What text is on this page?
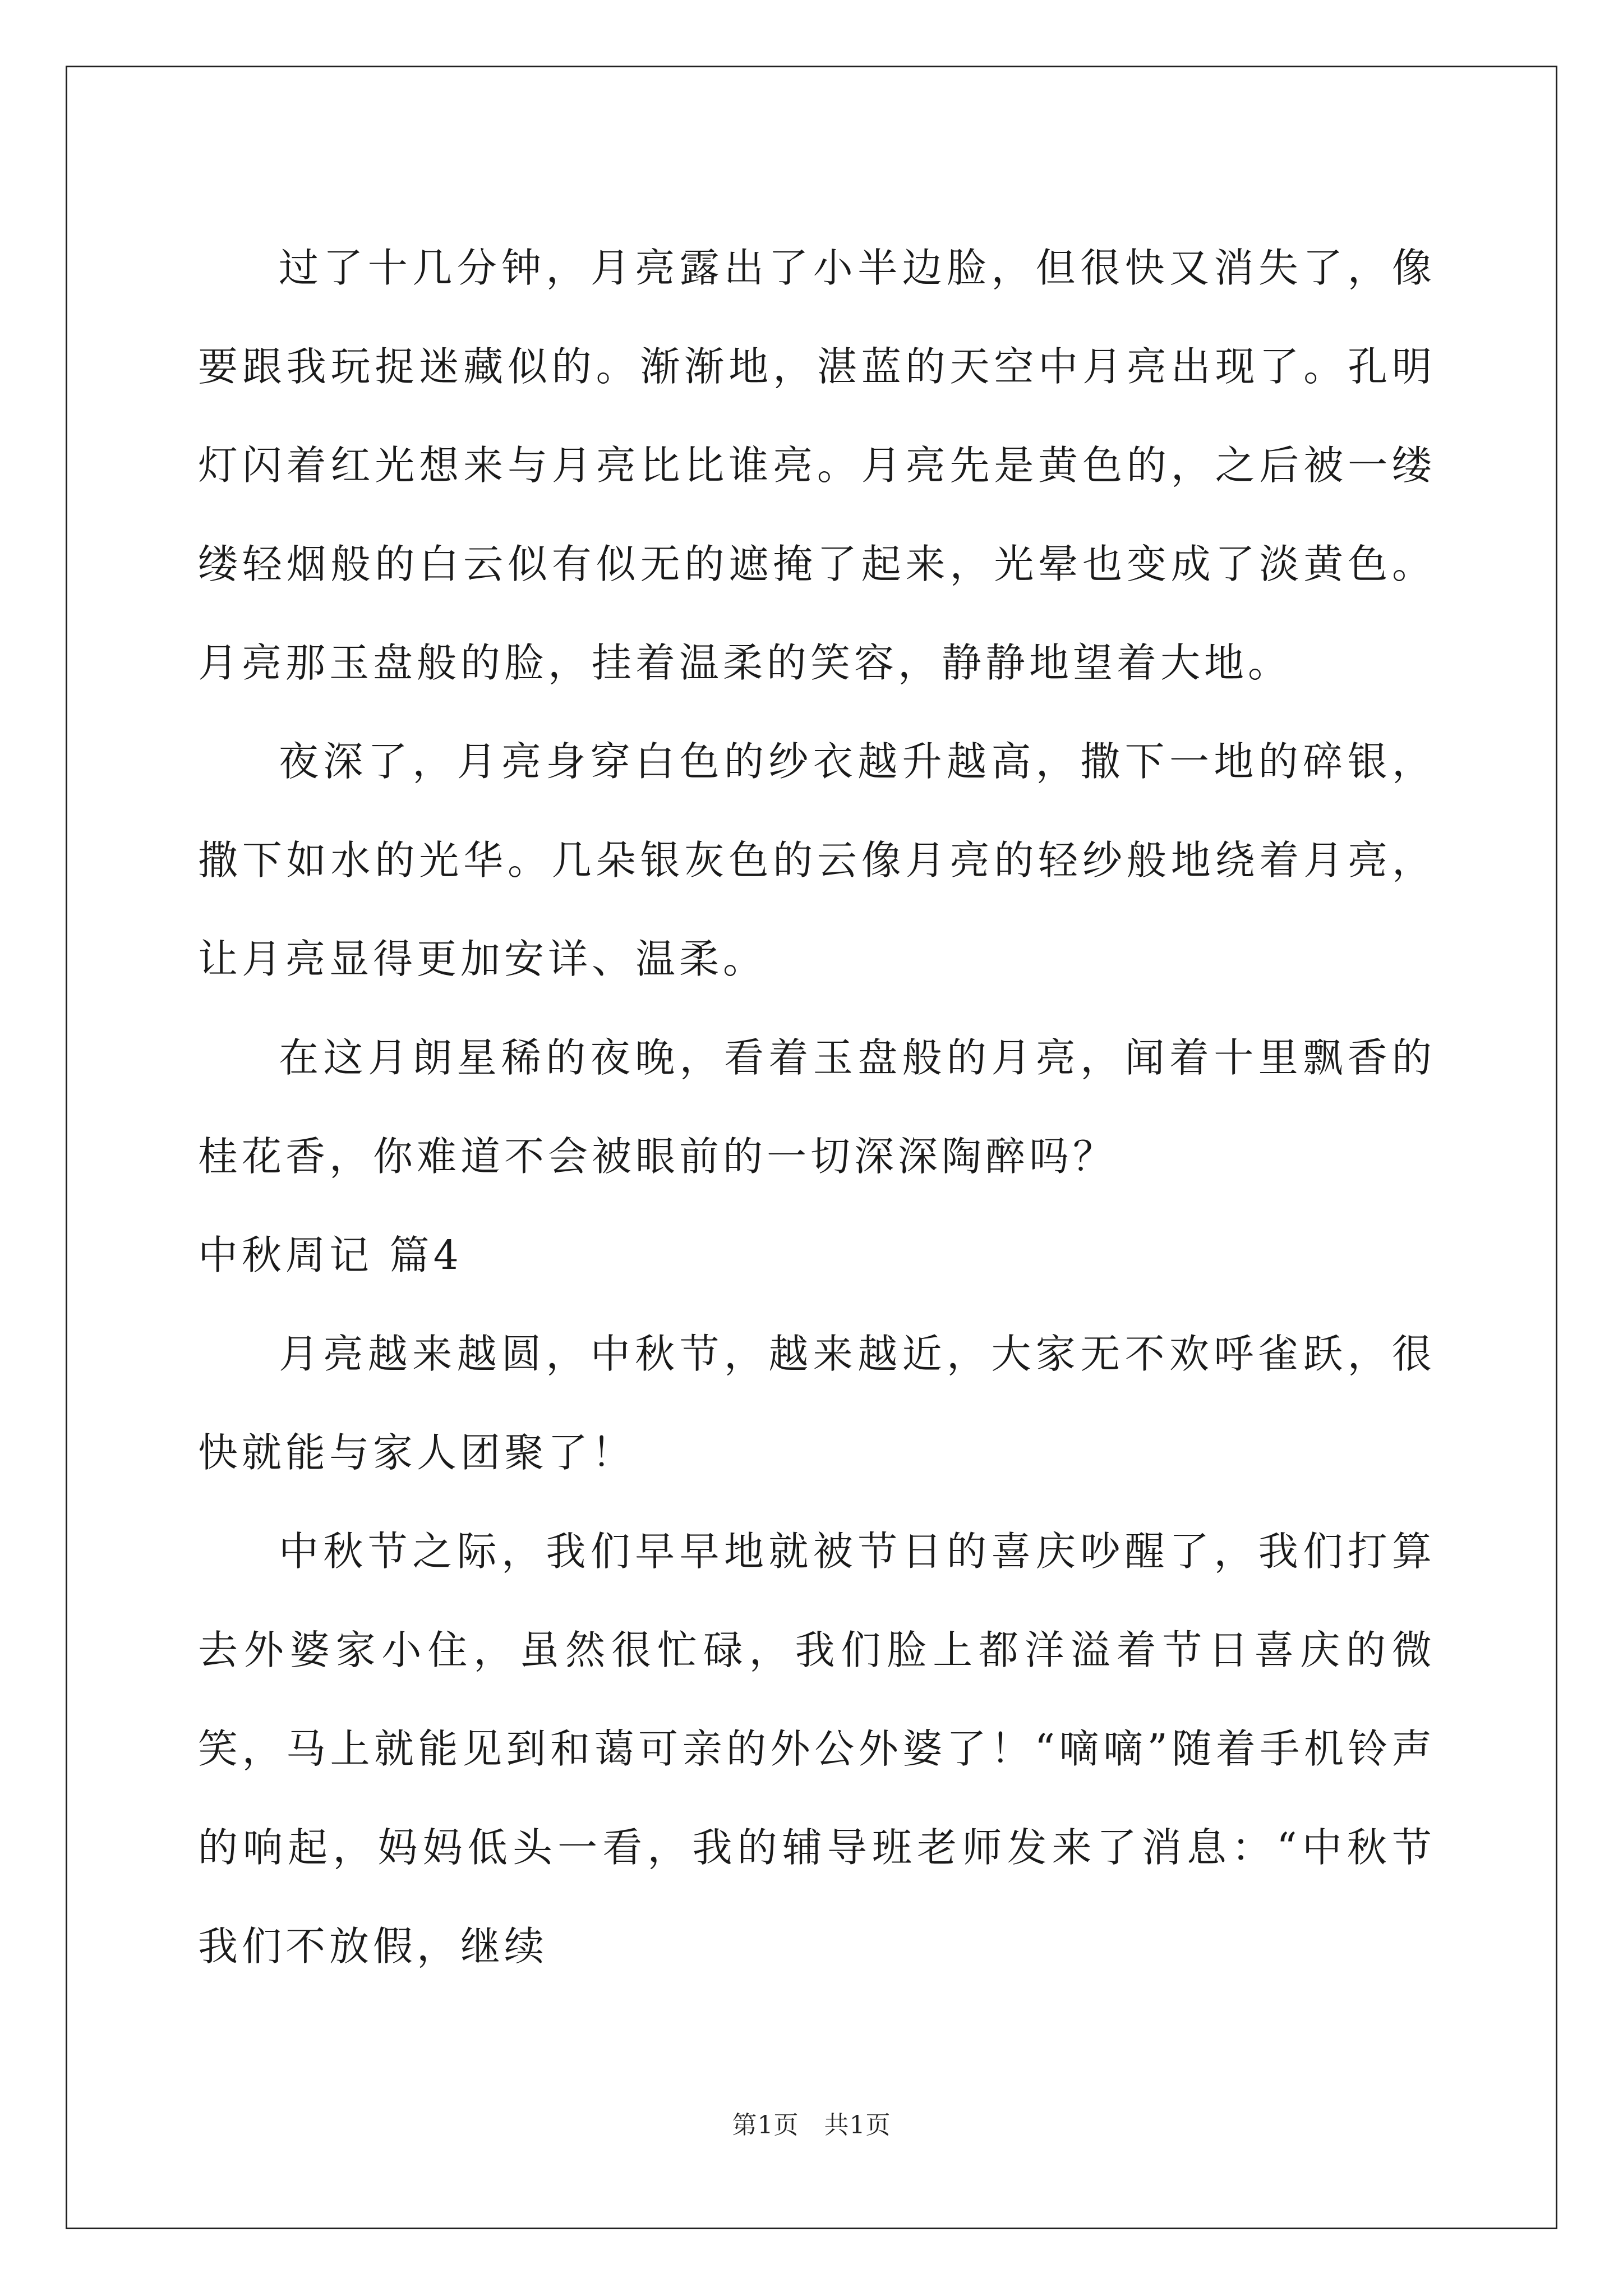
过了十几分钟，月亮露出了小半边脸，但很快又消失了，像要跟我玩捉迷藏似的。渐渐地，湛蓝的天空中月亮出现了。孔明灯闪着红光想来与月亮比比谁亮。月亮先是黄色的，之后被一缕缕轻烟般的白云似有似无的遮掩了起来，光晕也变成了淡黄色。月亮那玉盘般的脸，挂着温柔的笑容，静静地望着大地。

夜深了，月亮身穿白色的纱衣越升越高，撒下一地的碎银，撒下如水的光华。几朵银灰色的云像月亮的轻纱般地绕着月亮，让月亮显得更加安详、温柔。

在这月朗星稀的夜晚，看着玉盘般的月亮，闻着十里飘香的桂花香，你难道不会被眼前的一切深深陶醉吗？

中秋周记 篇4

月亮越来越圆，中秋节，越来越近，大家无不欢呼雀跃，很快就能与家人团聚了！

中秋节之际，我们早早地就被节日的喜庆吵醒了，我们打算去外婆家小住，虽然很忙碌，我们脸上都洋溢着节日喜庆的微笑，马上就能见到和蔼可亲的外公外婆了！“嘀嘀”随着手机铃声的响起，妈妈低头一看，我的辅导班老师发来了消息：“中秋节我们不放假，继续

第1页 共1页
